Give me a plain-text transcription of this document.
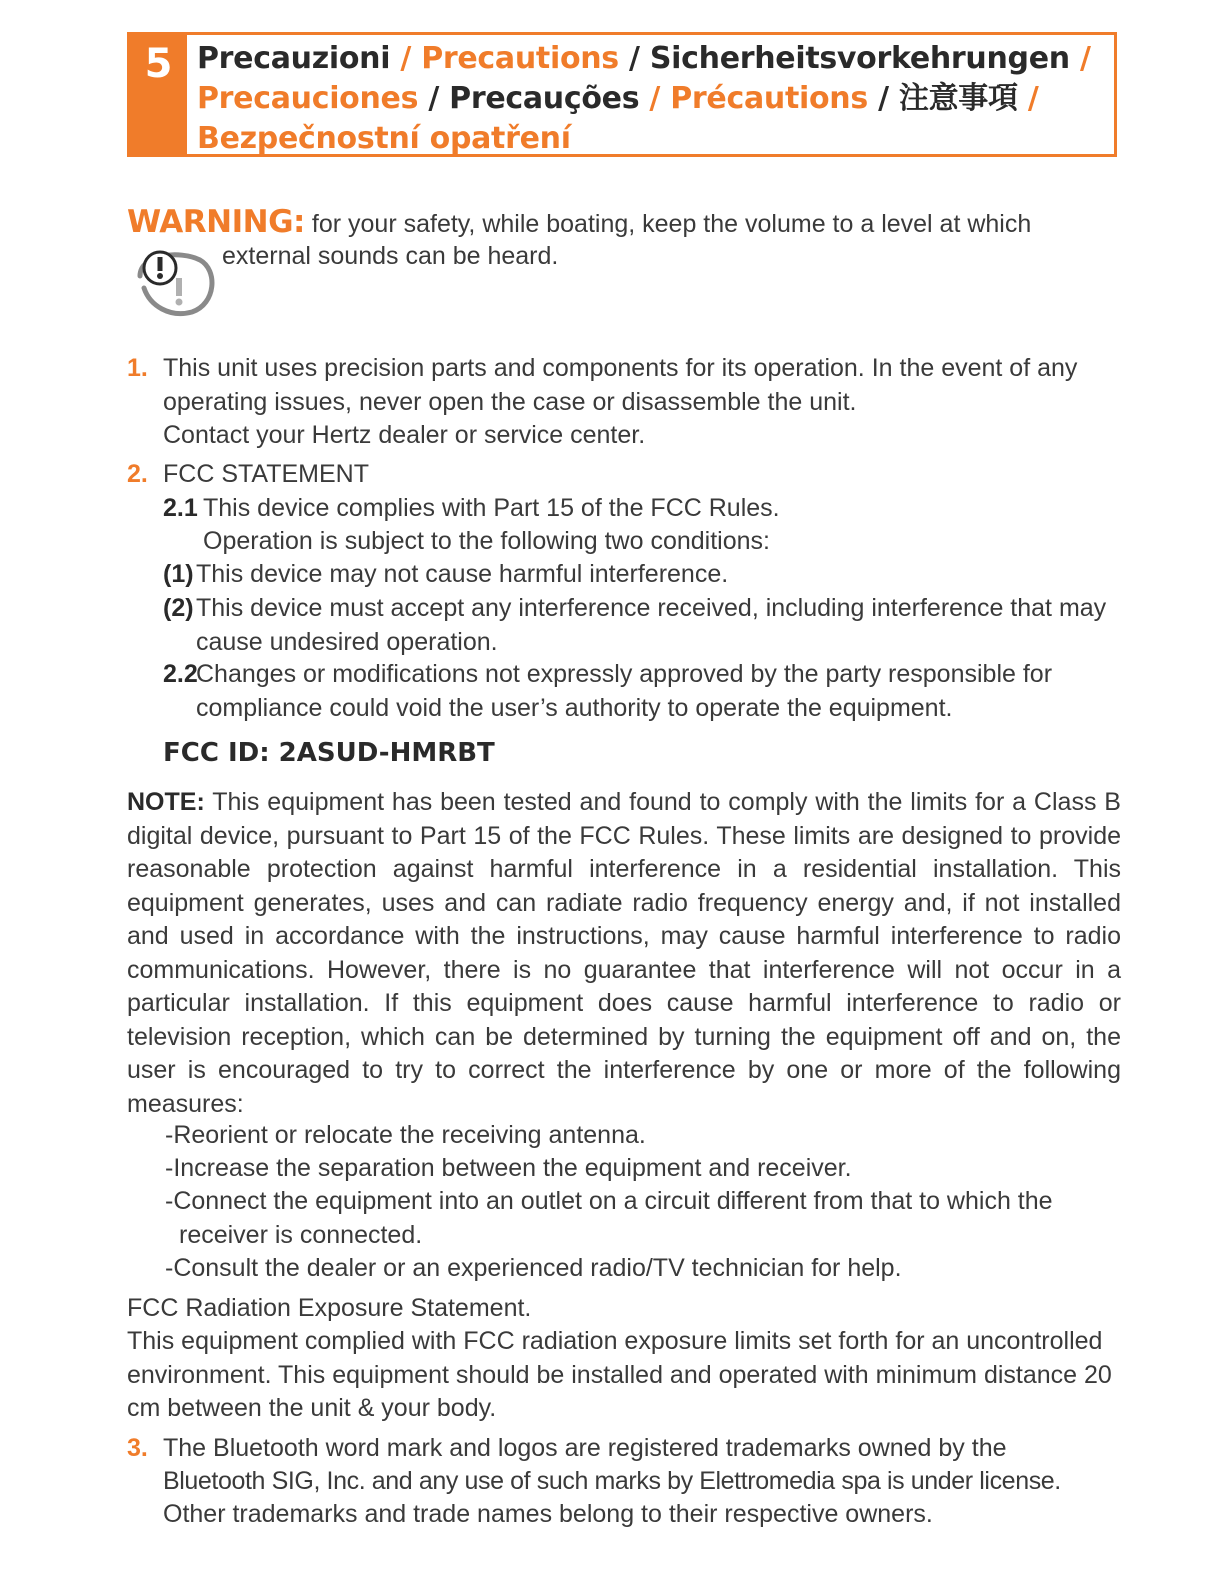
5 Precauzioni / Precautions / Sicherheitsvorkehrungen /
Precauciones / Precauções / Précautions / 注意事項 /
Bezpečnostní opatření
WARNING: for your safety, while boating, keep the volume to a level at which
external sounds can be heard.
1. This unit uses precision parts and components for its operation. In the event of any operating issues, never open the case or disassemble the unit.
Contact your Hertz dealer or service center.
2. FCC STATEMENT
2.1 This device complies with Part 15 of the FCC Rules.
Operation is subject to the following two conditions:
(1) This device may not cause harmful interference.
(2) This device must accept any interference received, including interference that may cause undesired operation.
2.2
Changes or modifications not expressly approved by the party responsible for compliance could void the user’s authority to operate the equipment.
FCC ID: 2ASUD-HMRBT
NOTE: This equipment has been tested and found to comply with the limits for a Class B digital device, pursuant to Part 15 of the FCC Rules. These limits are designed to provide reasonable protection against harmful interference in a residential installation. This equipment generates, uses and can radiate radio frequency energy and, if not installed and used in accordance with the instructions, may cause harmful interference to radio communications. However, there is no guarantee that interference will not occur in a particular installation. If this equipment does cause harmful interference to radio or television reception, which can be determined by turning the equipment off and on, the user is encouraged to try to correct the interference by one or more of the following measures:
-Reorient or relocate the receiving antenna.
-Increase the separation between the equipment and receiver.
-Connect the equipment into an outlet on a circuit different from that to which the receiver is connected.
-Consult the dealer or an experienced radio/TV technician for help.
FCC Radiation Exposure Statement.
This equipment complied with FCC radiation exposure limits set forth for an uncontrolled environment. This equipment should be installed and operated with minimum distance 20 cm between the unit & your body.
3. The Bluetooth word mark and logos are registered trademarks owned by the
Bluetooth SIG, Inc. and any use of such marks by Elettromedia spa is under license.
Other trademarks and trade names belong to their respective owners.
